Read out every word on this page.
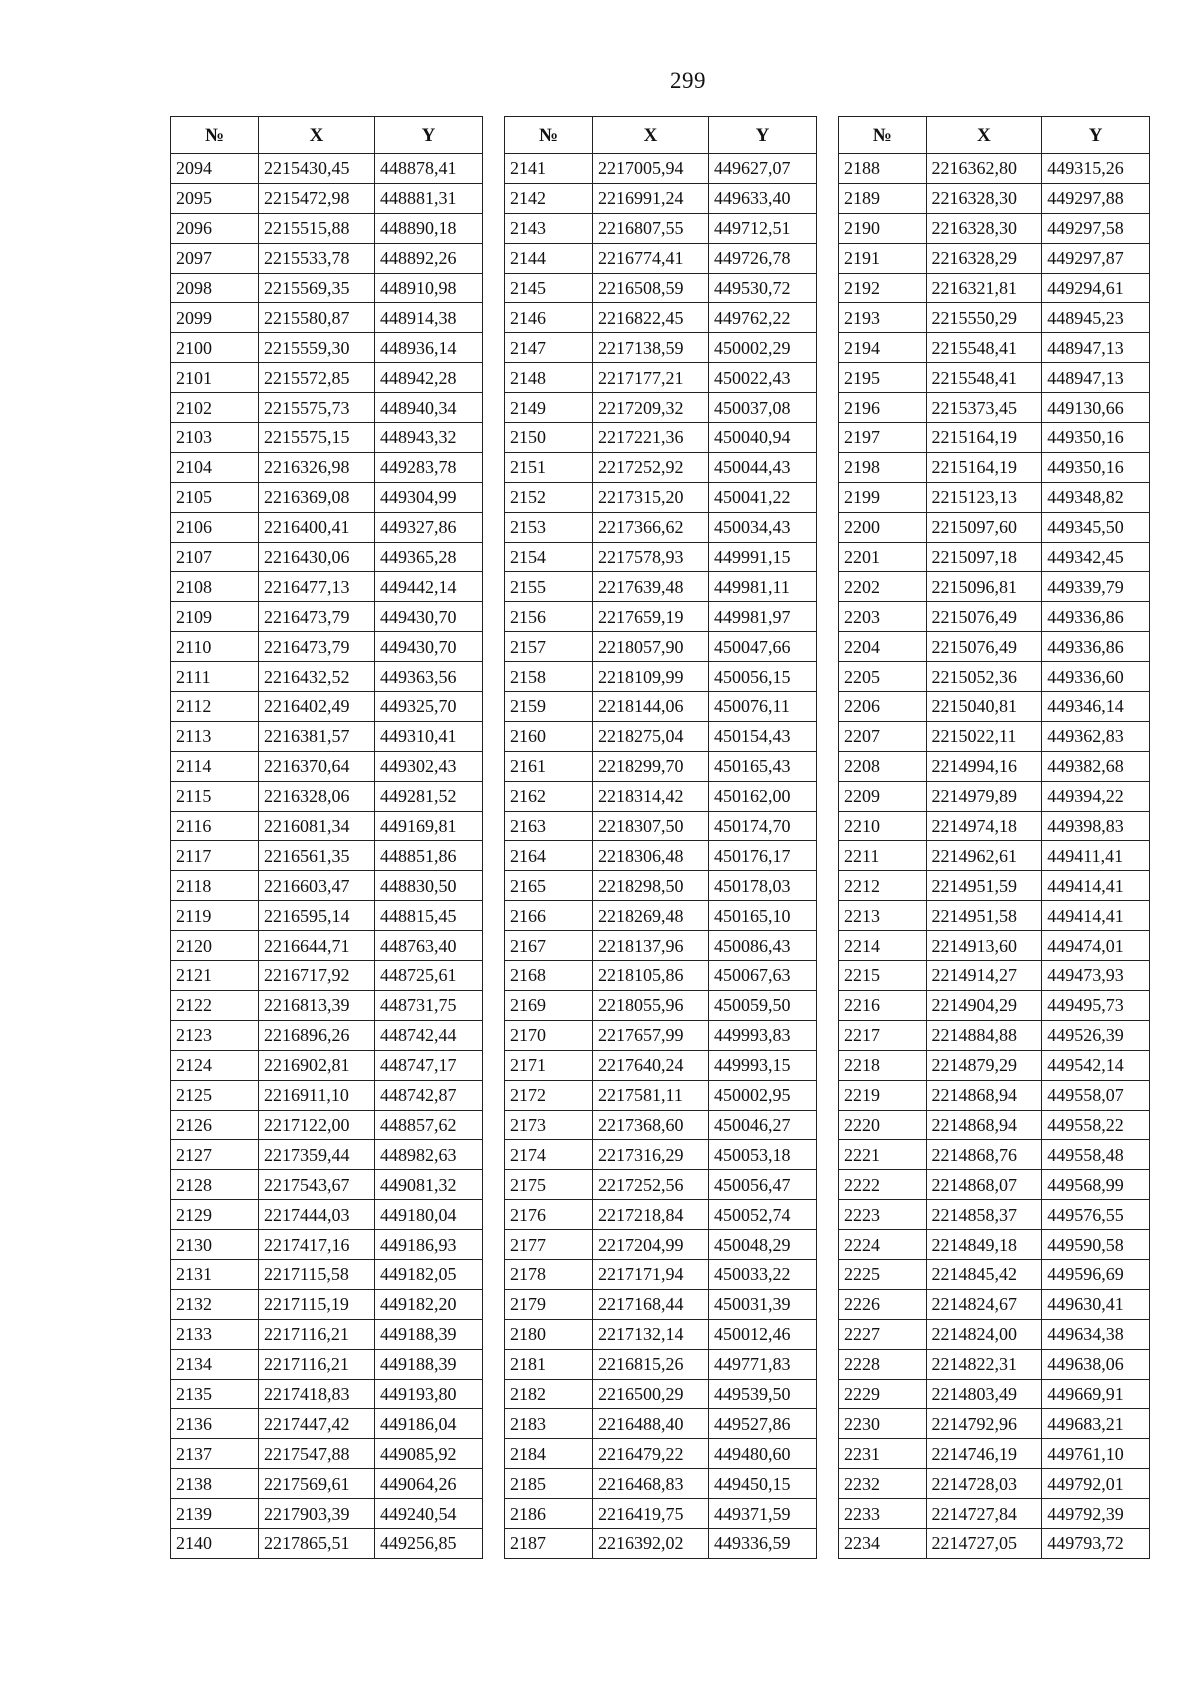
299
№	X	Y
2094	2215430,45	448878,41
2095	2215472,98	448881,31
2096	2215515,88	448890,18
2097	2215533,78	448892,26
2098	2215569,35	448910,98
2099	2215580,87	448914,38
2100	2215559,30	448936,14
2101	2215572,85	448942,28
2102	2215575,73	448940,34
2103	2215575,15	448943,32
2104	2216326,98	449283,78
2105	2216369,08	449304,99
2106	2216400,41	449327,86
2107	2216430,06	449365,28
2108	2216477,13	449442,14
2109	2216473,79	449430,70
2110	2216473,79	449430,70
2111	2216432,52	449363,56
2112	2216402,49	449325,70
2113	2216381,57	449310,41
2114	2216370,64	449302,43
2115	2216328,06	449281,52
2116	2216081,34	449169,81
2117	2216561,35	448851,86
2118	2216603,47	448830,50
2119	2216595,14	448815,45
2120	2216644,71	448763,40
2121	2216717,92	448725,61
2122	2216813,39	448731,75
2123	2216896,26	448742,44
2124	2216902,81	448747,17
2125	2216911,10	448742,87
2126	2217122,00	448857,62
2127	2217359,44	448982,63
2128	2217543,67	449081,32
2129	2217444,03	449180,04
2130	2217417,16	449186,93
2131	2217115,58	449182,05
2132	2217115,19	449182,20
2133	2217116,21	449188,39
2134	2217116,21	449188,39
2135	2217418,83	449193,80
2136	2217447,42	449186,04
2137	2217547,88	449085,92
2138	2217569,61	449064,26
2139	2217903,39	449240,54
2140	2217865,51	449256,85
№	X	Y
2141	2217005,94	449627,07
2142	2216991,24	449633,40
2143	2216807,55	449712,51
2144	2216774,41	449726,78
2145	2216508,59	449530,72
2146	2216822,45	449762,22
2147	2217138,59	450002,29
2148	2217177,21	450022,43
2149	2217209,32	450037,08
2150	2217221,36	450040,94
2151	2217252,92	450044,43
2152	2217315,20	450041,22
2153	2217366,62	450034,43
2154	2217578,93	449991,15
2155	2217639,48	449981,11
2156	2217659,19	449981,97
2157	2218057,90	450047,66
2158	2218109,99	450056,15
2159	2218144,06	450076,11
2160	2218275,04	450154,43
2161	2218299,70	450165,43
2162	2218314,42	450162,00
2163	2218307,50	450174,70
2164	2218306,48	450176,17
2165	2218298,50	450178,03
2166	2218269,48	450165,10
2167	2218137,96	450086,43
2168	2218105,86	450067,63
2169	2218055,96	450059,50
2170	2217657,99	449993,83
2171	2217640,24	449993,15
2172	2217581,11	450002,95
2173	2217368,60	450046,27
2174	2217316,29	450053,18
2175	2217252,56	450056,47
2176	2217218,84	450052,74
2177	2217204,99	450048,29
2178	2217171,94	450033,22
2179	2217168,44	450031,39
2180	2217132,14	450012,46
2181	2216815,26	449771,83
2182	2216500,29	449539,50
2183	2216488,40	449527,86
2184	2216479,22	449480,60
2185	2216468,83	449450,15
2186	2216419,75	449371,59
2187	2216392,02	449336,59
№	X	Y
2188	2216362,80	449315,26
2189	2216328,30	449297,88
2190	2216328,30	449297,58
2191	2216328,29	449297,87
2192	2216321,81	449294,61
2193	2215550,29	448945,23
2194	2215548,41	448947,13
2195	2215548,41	448947,13
2196	2215373,45	449130,66
2197	2215164,19	449350,16
2198	2215164,19	449350,16
2199	2215123,13	449348,82
2200	2215097,60	449345,50
2201	2215097,18	449342,45
2202	2215096,81	449339,79
2203	2215076,49	449336,86
2204	2215076,49	449336,86
2205	2215052,36	449336,60
2206	2215040,81	449346,14
2207	2215022,11	449362,83
2208	2214994,16	449382,68
2209	2214979,89	449394,22
2210	2214974,18	449398,83
2211	2214962,61	449411,41
2212	2214951,59	449414,41
2213	2214951,58	449414,41
2214	2214913,60	449474,01
2215	2214914,27	449473,93
2216	2214904,29	449495,73
2217	2214884,88	449526,39
2218	2214879,29	449542,14
2219	2214868,94	449558,07
2220	2214868,94	449558,22
2221	2214868,76	449558,48
2222	2214868,07	449568,99
2223	2214858,37	449576,55
2224	2214849,18	449590,58
2225	2214845,42	449596,69
2226	2214824,67	449630,41
2227	2214824,00	449634,38
2228	2214822,31	449638,06
2229	2214803,49	449669,91
2230	2214792,96	449683,21
2231	2214746,19	449761,10
2232	2214728,03	449792,01
2233	2214727,84	449792,39
2234	2214727,05	449793,72
